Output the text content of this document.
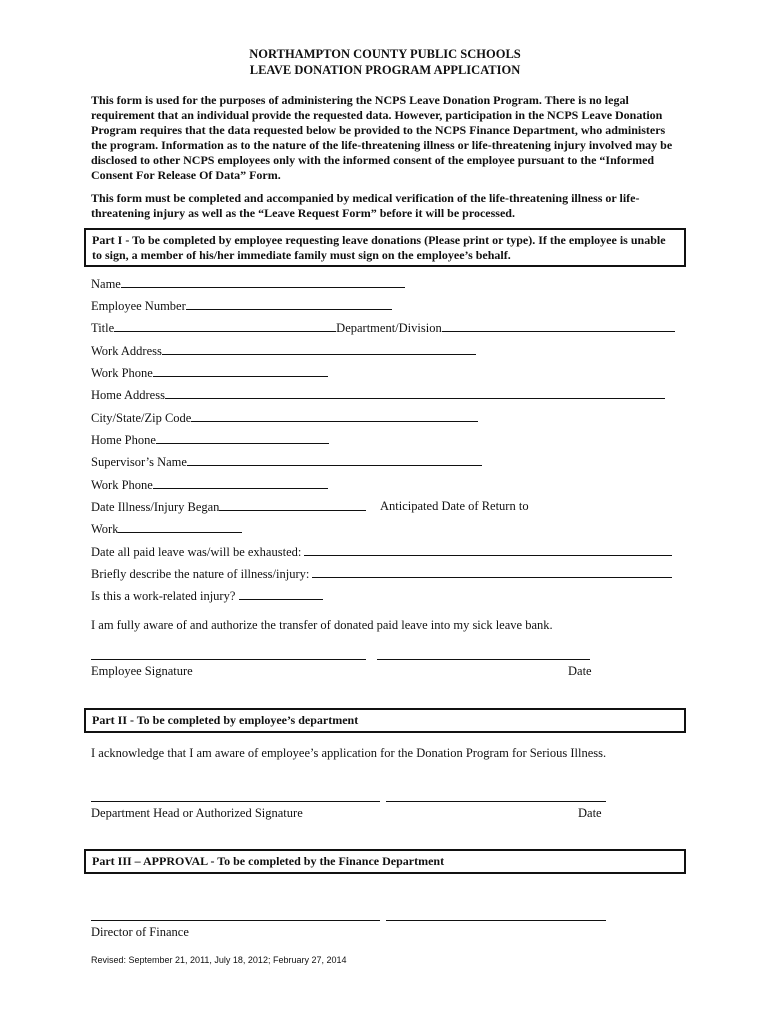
NORTHAMPTON COUNTY PUBLIC SCHOOLS
LEAVE DONATION PROGRAM APPLICATION
This form is used for the purposes of administering the NCPS Leave Donation Program. There is no legal requirement that an individual provide the requested data. However, participation in the NCPS Leave Donation Program requires that the data requested below be provided to the NCPS Finance Department, who administers the program. Information as to the nature of the life-threatening illness or life-threatening injury involved may be disclosed to other NCPS employees only with the informed consent of the employee pursuant to the “Informed Consent For Release Of Data” Form.
This form must be completed and accompanied by medical verification of the life-threatening illness or life-threatening injury as well as the “Leave Request Form” before it will be processed.
Part I - To be completed by employee requesting leave donations (Please print or type). If the employee is unable to sign, a member of his/her immediate family must sign on the employee’s behalf.
Name
Employee Number
Title	Department/Division
Work Address
Work Phone
Home Address
City/State/Zip Code
Home Phone
Supervisor’s Name
Work Phone
Date Illness/Injury Began	Anticipated Date of Return to
Work
Date all paid leave was/will be exhausted:
Briefly describe the nature of illness/injury:
Is this a work-related injury?
I am fully aware of and authorize the transfer of donated paid leave into my sick leave bank.
Employee Signature	Date
Part II - To be completed by employee’s department
I acknowledge that I am aware of employee’s application for the Donation Program for Serious Illness.
Department Head or Authorized Signature	Date
Part III – APPROVAL - To be completed by the Finance Department
Director of Finance
Revised: September 21, 2011, July 18, 2012; February 27, 2014
